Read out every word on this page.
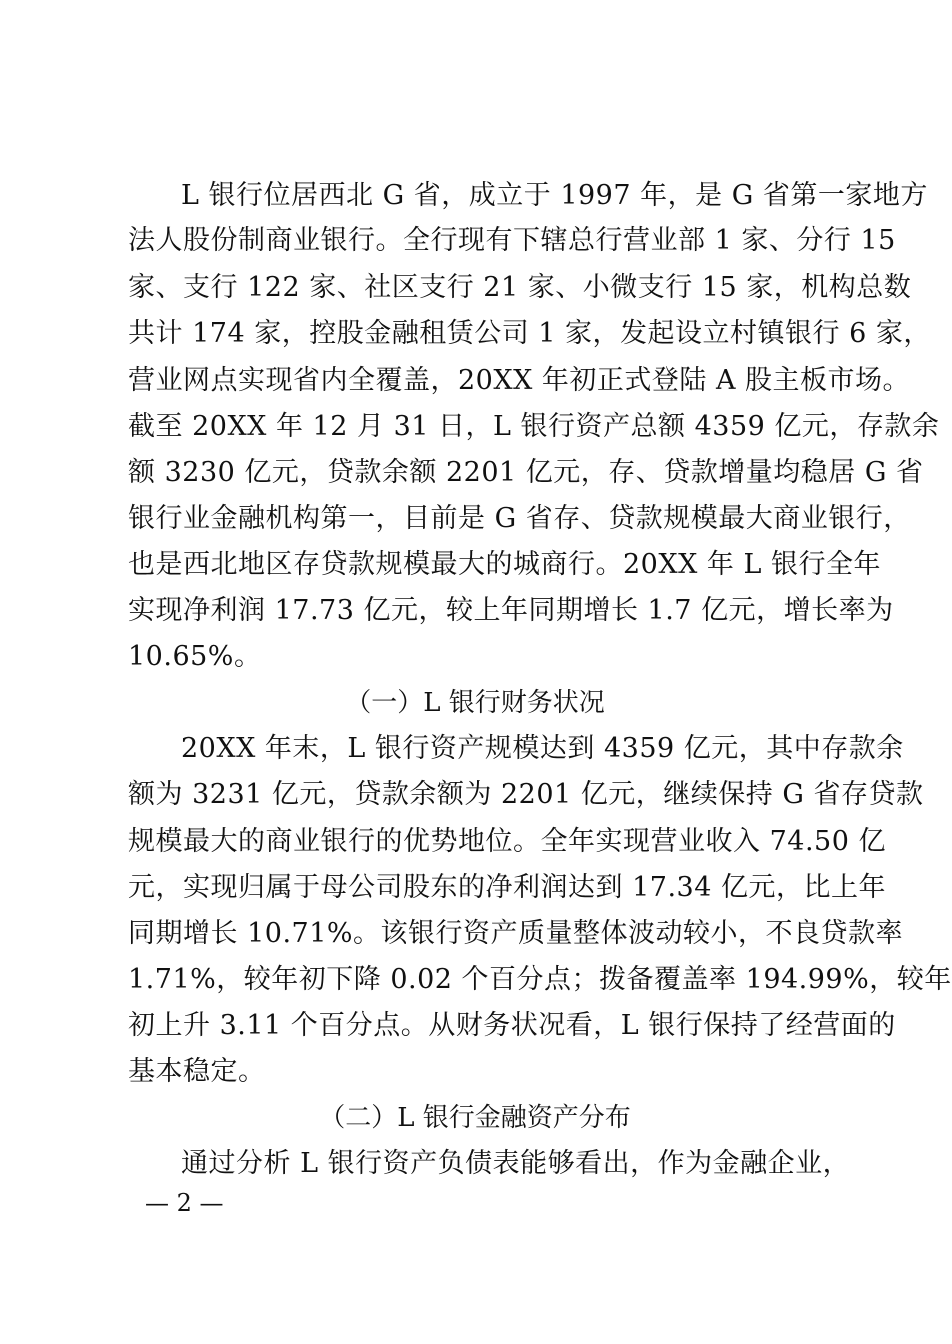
L 银行位居西北 G 省，成立于 1997 年，是 G 省第一家地方
法人股份制商业银行。全行现有下辖总行营业部 1 家、分行 15
家、支行 122 家、社区支行 21 家、小微支行 15 家，机构总数
共计 174 家，控股金融租赁公司 1 家，发起设立村镇银行 6 家，
营业网点实现省内全覆盖，20XX 年初正式登陆 A 股主板市场。
截至 20XX 年 12 月 31 日，L 银行资产总额 4359 亿元，存款余
额 3230 亿元，贷款余额 2201 亿元，存、贷款增量均稳居 G 省
银行业金融机构第一，目前是 G 省存、贷款规模最大商业银行，
也是西北地区存贷款规模最大的城商行。20XX 年 L 银行全年
实现净利润 17.73 亿元，较上年同期增长 1.7 亿元，增长率为
10.65%。
（一）L 银行财务状况
20XX 年末，L 银行资产规模达到 4359 亿元，其中存款余
额为 3231 亿元，贷款余额为 2201 亿元，继续保持 G 省存贷款
规模最大的商业银行的优势地位。全年实现营业收入 74.50 亿
元，实现归属于母公司股东的净利润达到 17.34 亿元，比上年
同期增长 10.71%。该银行资产质量整体波动较小，不良贷款率
1.71%，较年初下降 0.02 个百分点；拨备覆盖率 194.99%，较年
初上升 3.11 个百分点。从财务状况看，L 银行保持了经营面的
基本稳定。
（二）L 银行金融资产分布
通过分析 L 银行资产负债表能够看出，作为金融企业，
— 2 —
